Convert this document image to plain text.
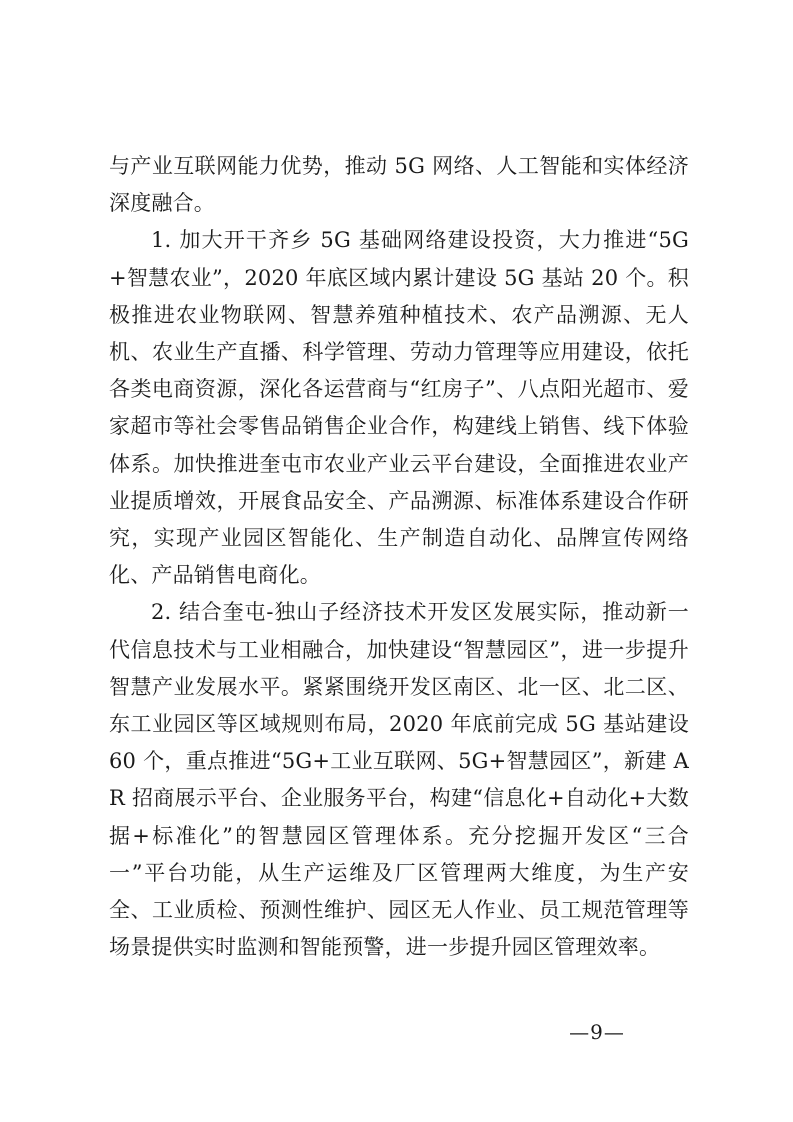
与产业互联网能力优势，推动 5G 网络、人工智能和实体经济深度融合。

1. 加大开干齐乡 5G 基础网络建设投资，大力推进“5G+智慧农业”，2020 年底区域内累计建设 5G 基站 20 个。积极推进农业物联网、智慧养殖种植技术、农产品溯源、无人机、农业生产直播、科学管理、劳动力管理等应用建设，依托各类电商资源，深化各运营商与“红房子”、八点阳光超市、爱家超市等社会零售品销售企业合作，构建线上销售、线下体验体系。加快推进奎屯市农业产业云平台建设，全面推进农业产业提质增效，开展食品安全、产品溯源、标准体系建设合作研究，实现产业园区智能化、生产制造自动化、品牌宣传网络化、产品销售电商化。

2. 结合奎屯-独山子经济技术开发区发展实际，推动新一代信息技术与工业相融合，加快建设“智慧园区”，进一步提升智慧产业发展水平。紧紧围绕开发区南区、北一区、北二区、东工业园区等区域规则布局，2020 年底前完成 5G 基站建设 60 个，重点推进“5G+工业互联网、5G+智慧园区”，新建 AR 招商展示平台、企业服务平台，构建“信息化+自动化+大数据+标准化”的智慧园区管理体系。充分挖掘开发区“三合一”平台功能，从生产运维及厂区管理两大维度，为生产安全、工业质检、预测性维护、园区无人作业、员工规范管理等场景提供实时监测和智能预警，进一步提升园区管理效率。

—9—
